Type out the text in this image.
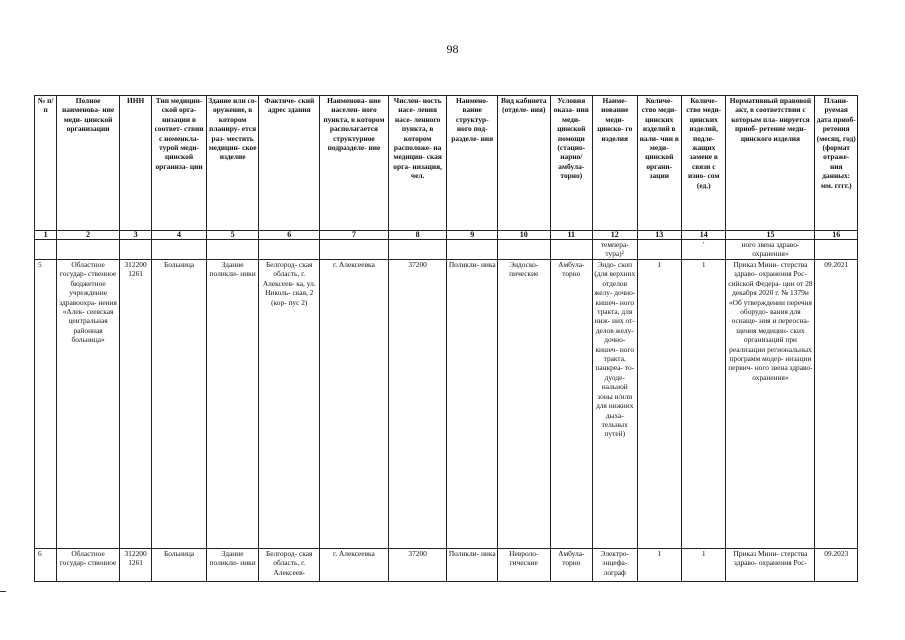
98
№ п/п	Полное наименова- ние меди- цинской организации	ИНН	Тип медицин- ской орга- низации в соответ- ствии с номенкла- турой меди- цинской организа- ции	Здание или со- оружение, в котором планиру- ется раз- местить медицин- ское изделие	Фактиче- ский адрес здания	Наименова- ние населен- ного пункта, в котором располагается структурное подразделе- ние	Числен- ность насе- ления насе- ленного пункта, в котором расположе- на медицин- ская орга- низация, чел.	Наимено- вание структур- ного под- разделе- ния	Вид кабинета (отделе- ния)	Условия оказа- ния меди- цинской помощи (стацио- нарно/ амбула- торно)	Наиме- нование меди- цинско- го изделия	Количе- ство меди- цинских изделий в нали- чии в меди- цинской органи- зации	Количе- ство меди- цинских изделий, подле- жащих замене в связи с изно- сом (ед.)	Нормативный правовой акт, в соответствии с которым пла- нируется приоб- ретение меди- цинского изделия	Плани- руемая дата приоб- ретения (месяц, год) (формат отраже- ния данных: мм. гггг.)
1	2	3	4	5	6	7	8	9	10	11	12	13	14	15	16
											темпера- тура)$^2$		'	ного звена здраво- охранения»	
5	Областное государ- ственное бюджетное учреждение здравоохра- нения «Алек- сеевская центральная районная больница»	312200 1261	Больница	Здание поликли- ники	Белгород- ская область, г. Алексеев- ка, ул. Николь- ская, 2 (кор- пус 2)	г. Алексеевка	37200	Поликли- ника	Эндоско- пические	Амбула- торно	Эндо- скоп (для верхних отделов желу- дочно- кишеч- ного тракта, для ниж- них от- делов желу- дочно- кишеч- ного тракта, панкреа- то- дуоде- нальной зоны и/или для нижних дыха- тельных путей)	1	1	Приказ Мини- стерства здраво- охранения Рос- сийской Федера- ции от 28 декабря 2020 г. № 1379н «Об утверждении перечня оборудо- вания для оснаще- ния и переосна- щения медицин- ских организаций при реализации региональных программ модер- низации первич- ного звена здраво- охранения»	09.2021
6	Областное государ- ственное	312200 1261	Больница	Здание поликли- ники	Белгород- ская область, г. Алексеев-	г. Алексеевка	37200	Поликли- ника	Невроло- гические	Амбула- торно	Электро- энцефа- лограф	1	1	Приказ Мини- стерства здраво- охранения Рос-	09.2023
